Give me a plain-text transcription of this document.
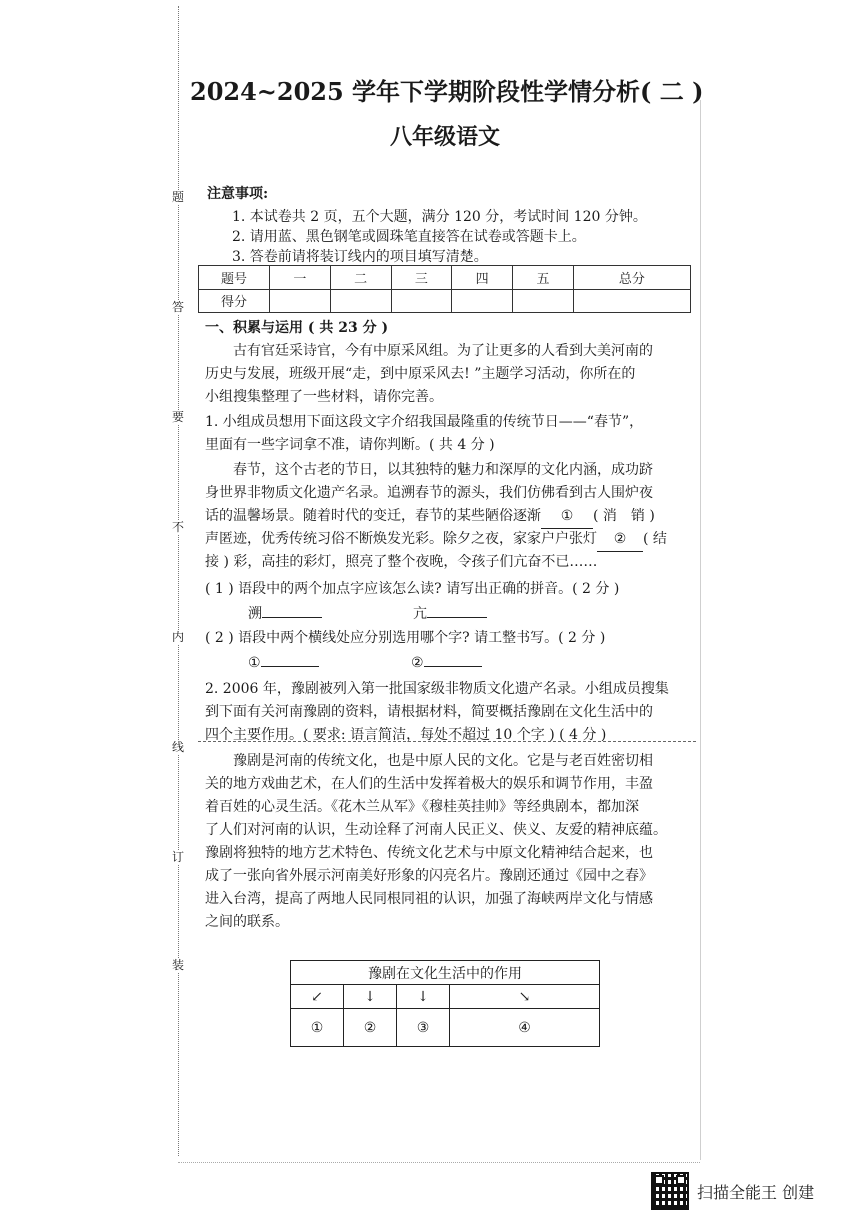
题
答
要
不
内
线
订
装
2024~2025 学年下学期阶段性学情分析( 二 )
八年级语文
注意事项:
1. 本试卷共 2 页，五个大题，满分 120 分，考试时间 120 分钟。
2. 请用蓝、黑色钢笔或圆珠笔直接答在试卷或答题卡上。
3. 答卷前请将装订线内的项目填写清楚。
题号	一	二	三	四	五	总分
得分						
一、积累与运用 ( 共 23 分 )
古有官廷采诗官，今有中原采风组。为了让更多的人看到大美河南的
历史与发展，班级开展“走，到中原采风去! ”主题学习活动，你所在的
小组搜集整理了一些材料，请你完善。
1. 小组成员想用下面这段文字介绍我国最隆重的传统节日——“春节”，
里面有一些字词拿不准，请你判断。( 共 4 分 )
春节，这个古老的节日，以其独特的魅力和深厚的文化内涵，成功跻
身世界非物质文化遗产名录。追溯春节的源头，我们仿佛看到古人围炉夜
话的温馨场景。随着时代的变迁，春节的某些陋俗逐渐 ① ( 消　销 )
声匿迹，优秀传统习俗不断焕发光彩。除夕之夜，家家户户张灯 ② ( 结
接 ) 彩，高挂的彩灯，照亮了整个夜晚，令孩子们亢奋不已……
( 1 ) 语段中的两个加点字应该怎么读? 请写出正确的拼音。( 2 分 )
溯	亢
( 2 ) 语段中两个横线处应分别选用哪个字? 请工整书写。( 2 分 )
①	②
2. 2006 年，豫剧被列入第一批国家级非物质文化遗产名录。小组成员搜集
到下面有关河南豫剧的资料，请根据材料，简要概括豫剧在文化生活中的
四个主要作用。( 要求: 语言简洁，每处不超过 10 个字 ) ( 4 分 )
豫剧是河南的传统文化，也是中原人民的文化。它是与老百姓密切相
关的地方戏曲艺术，在人们的生活中发挥着极大的娱乐和调节作用，丰盈
着百姓的心灵生活。《花木兰从军》《穆桂英挂帅》等经典剧本，都加深
了人们对河南的认识，生动诠释了河南人民正义、侠义、友爱的精神底蕴。
豫剧将独特的地方艺术特色、传统文化艺术与中原文化精神结合起来，也
成了一张向省外展示河南美好形象的闪亮名片。豫剧还通过《园中之春》
进入台湾，提高了两地人民同根同祖的认识，加强了海峡两岸文化与情感
之间的联系。
豫剧在文化生活中的作用			
↙	↓	↓	↘
①	②	③	④
扫描全能王 创建
